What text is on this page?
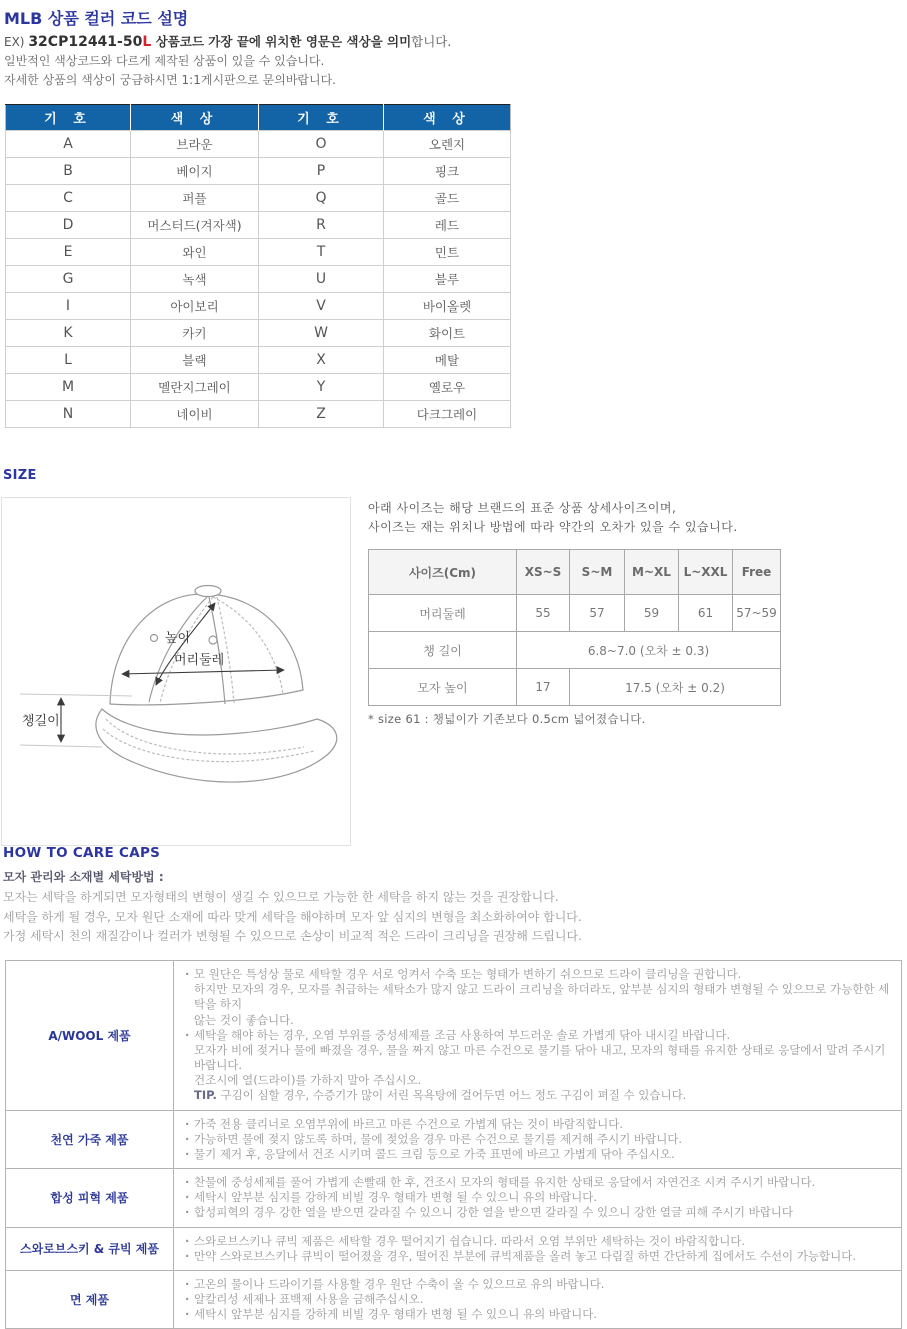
MLB 상품 컬러 코드 설명
EX) 32CP12441-50L 상품코드 가장 끝에 위치한 영문은 색상을 의미합니다.
일반적인 색상코드와 다르게 제작된 상품이 있을 수 있습니다.
자세한 상품의 색상이 궁금하시면 1:1게시판으로 문의바랍니다.
기 호	색 상	기 호	색 상
A	브라운	O	오렌지
B	베이지	P	핑크
C	퍼플	Q	골드
D	머스터드(겨자색)	R	레드
E	와인	T	민트
G	녹색	U	블루
I	아이보리	V	바이올렛
K	카키	W	화이트
L	블랙	X	메탈
M	멜란지그레이	Y	옐로우
N	네이비	Z	다크그레이
SIZE
높이
머리둘레
챙길이
아래 사이즈는 해당 브랜드의 표준 상품 상세사이즈이며,
사이즈는 재는 위치나 방법에 따라 약간의 오차가 있을 수 있습니다.
사이즈(Cm)	XS~S	S~M	M~XL	L~XXL	Free
머리둘레	55	57	59	61	57~59
챙 길이	6.8~7.0 (오차 ± 0.3)				
모자 높이	17	17.5 (오차 ± 0.2)			
* size 61 : 챙넓이가 기존보다 0.5cm 넓어졌습니다.
HOW TO CARE CAPS
모자 관리와 소재별 세탁방법 :
모자는 세탁을 하게되면 모자형태의 변형이 생길 수 있으므로 가능한 한 세탁을 하지 않는 것을 권장합니다.
세탁을 하게 될 경우, 모자 원단 소재에 따라 맞게 세탁을 해야하며 모자 앞 심지의 변형을 최소화하여야 합니다.
가정 세탁시 천의 재질감이나 컬러가 변형될 수 있으므로 손상이 비교적 적은 드라이 크리닝을 권장해 드립니다.
A/WOOL 제품	
· 모 원단은 특성상 물로 세탁할 경우 서로 엉켜서 수축 또는 형태가 변하기 쉬으므로 드라이 클리닝을 권합니다.
하지만 모자의 경우, 모자를 취급하는 세탁소가 많지 않고 드라이 크리닝을 하더라도, 앞부분 심지의 형태가 변형될 수 있으므로 가능한한 세탁을 하지
않는 것이 좋습니다.
· 세탁을 해야 하는 경우, 오염 부위를 중성세제를 조금 사용하여 부드러운 솔로 가볍게 닦아 내시길 바랍니다.
모자가 비에 젖거나 물에 빠졌을 경우, 물을 짜지 않고 마른 수건으로 물기를 닦아 내고, 모자의 형태를 유지한 상태로 응달에서 말려 주시기 바랍니다.
건조시에 열(드라이)를 가하지 말아 주십시오.
TIP. 구김이 심할 경우, 수증기가 많이 서린 목욕탕에 걸어두면 어느 정도 구김이 펴질 수 있습니다.

천연 가죽 제품	· 가죽 전용 클리너로 오염부위에 바르고 마른 수건으로 가볍게 닦는 것이 바람직합니다.
· 가능하면 물에 젖지 않도록 하며, 물에 젖었을 경우 마른 수건으로 물기를 제거해 주시기 바랍니다.
· 물기 제거 후, 응달에서 건조 시키며 콜드 크림 등으로 가죽 표면에 바르고 가볍게 닦아 주십시오.

합성 피혁 제품	· 찬물에 중성세제를 풀어 가볍게 손빨래 한 후, 건조시 모자의 형태를 유지한 상태로 응달에서 자연건조 시켜 주시기 바랍니다.
· 세탁시 앞부분 심지를 강하게 비빌 경우 형태가 변형 될 수 있으니 유의 바랍니다.
· 합성피혁의 경우 강한 열을 받으면 갈라질 수 있으니 강한 열을 받으면 갈라질 수 있으니 강한 열글 피해 주시기 바랍니다

스와로브스키 & 큐빅 제품	· 스와로브스키나 큐빅 제품은 세탁할 경우 떨어지기 쉽습니다. 따라서 오염 부위만 세탁하는 것이 바람직합니다.
· 만약 스와로브스키나 큐빅이 떨어졌을 경우, 떨어진 부분에 큐빅제품을 올려 놓고 다림질 하면 간단하게 집에서도 수선이 가능합니다.

면 제품	· 고온의 물이나 드라이기를 사용할 경우 원단 수축이 올 수 있으므로 유의 바랍니다.
· 알칼리성 세제나 표백제 사용을 금해주십시오.
· 세탁시 앞부분 심지를 강하게 비빌 경우 형태가 변형 될 수 있으니 유의 바랍니다.
